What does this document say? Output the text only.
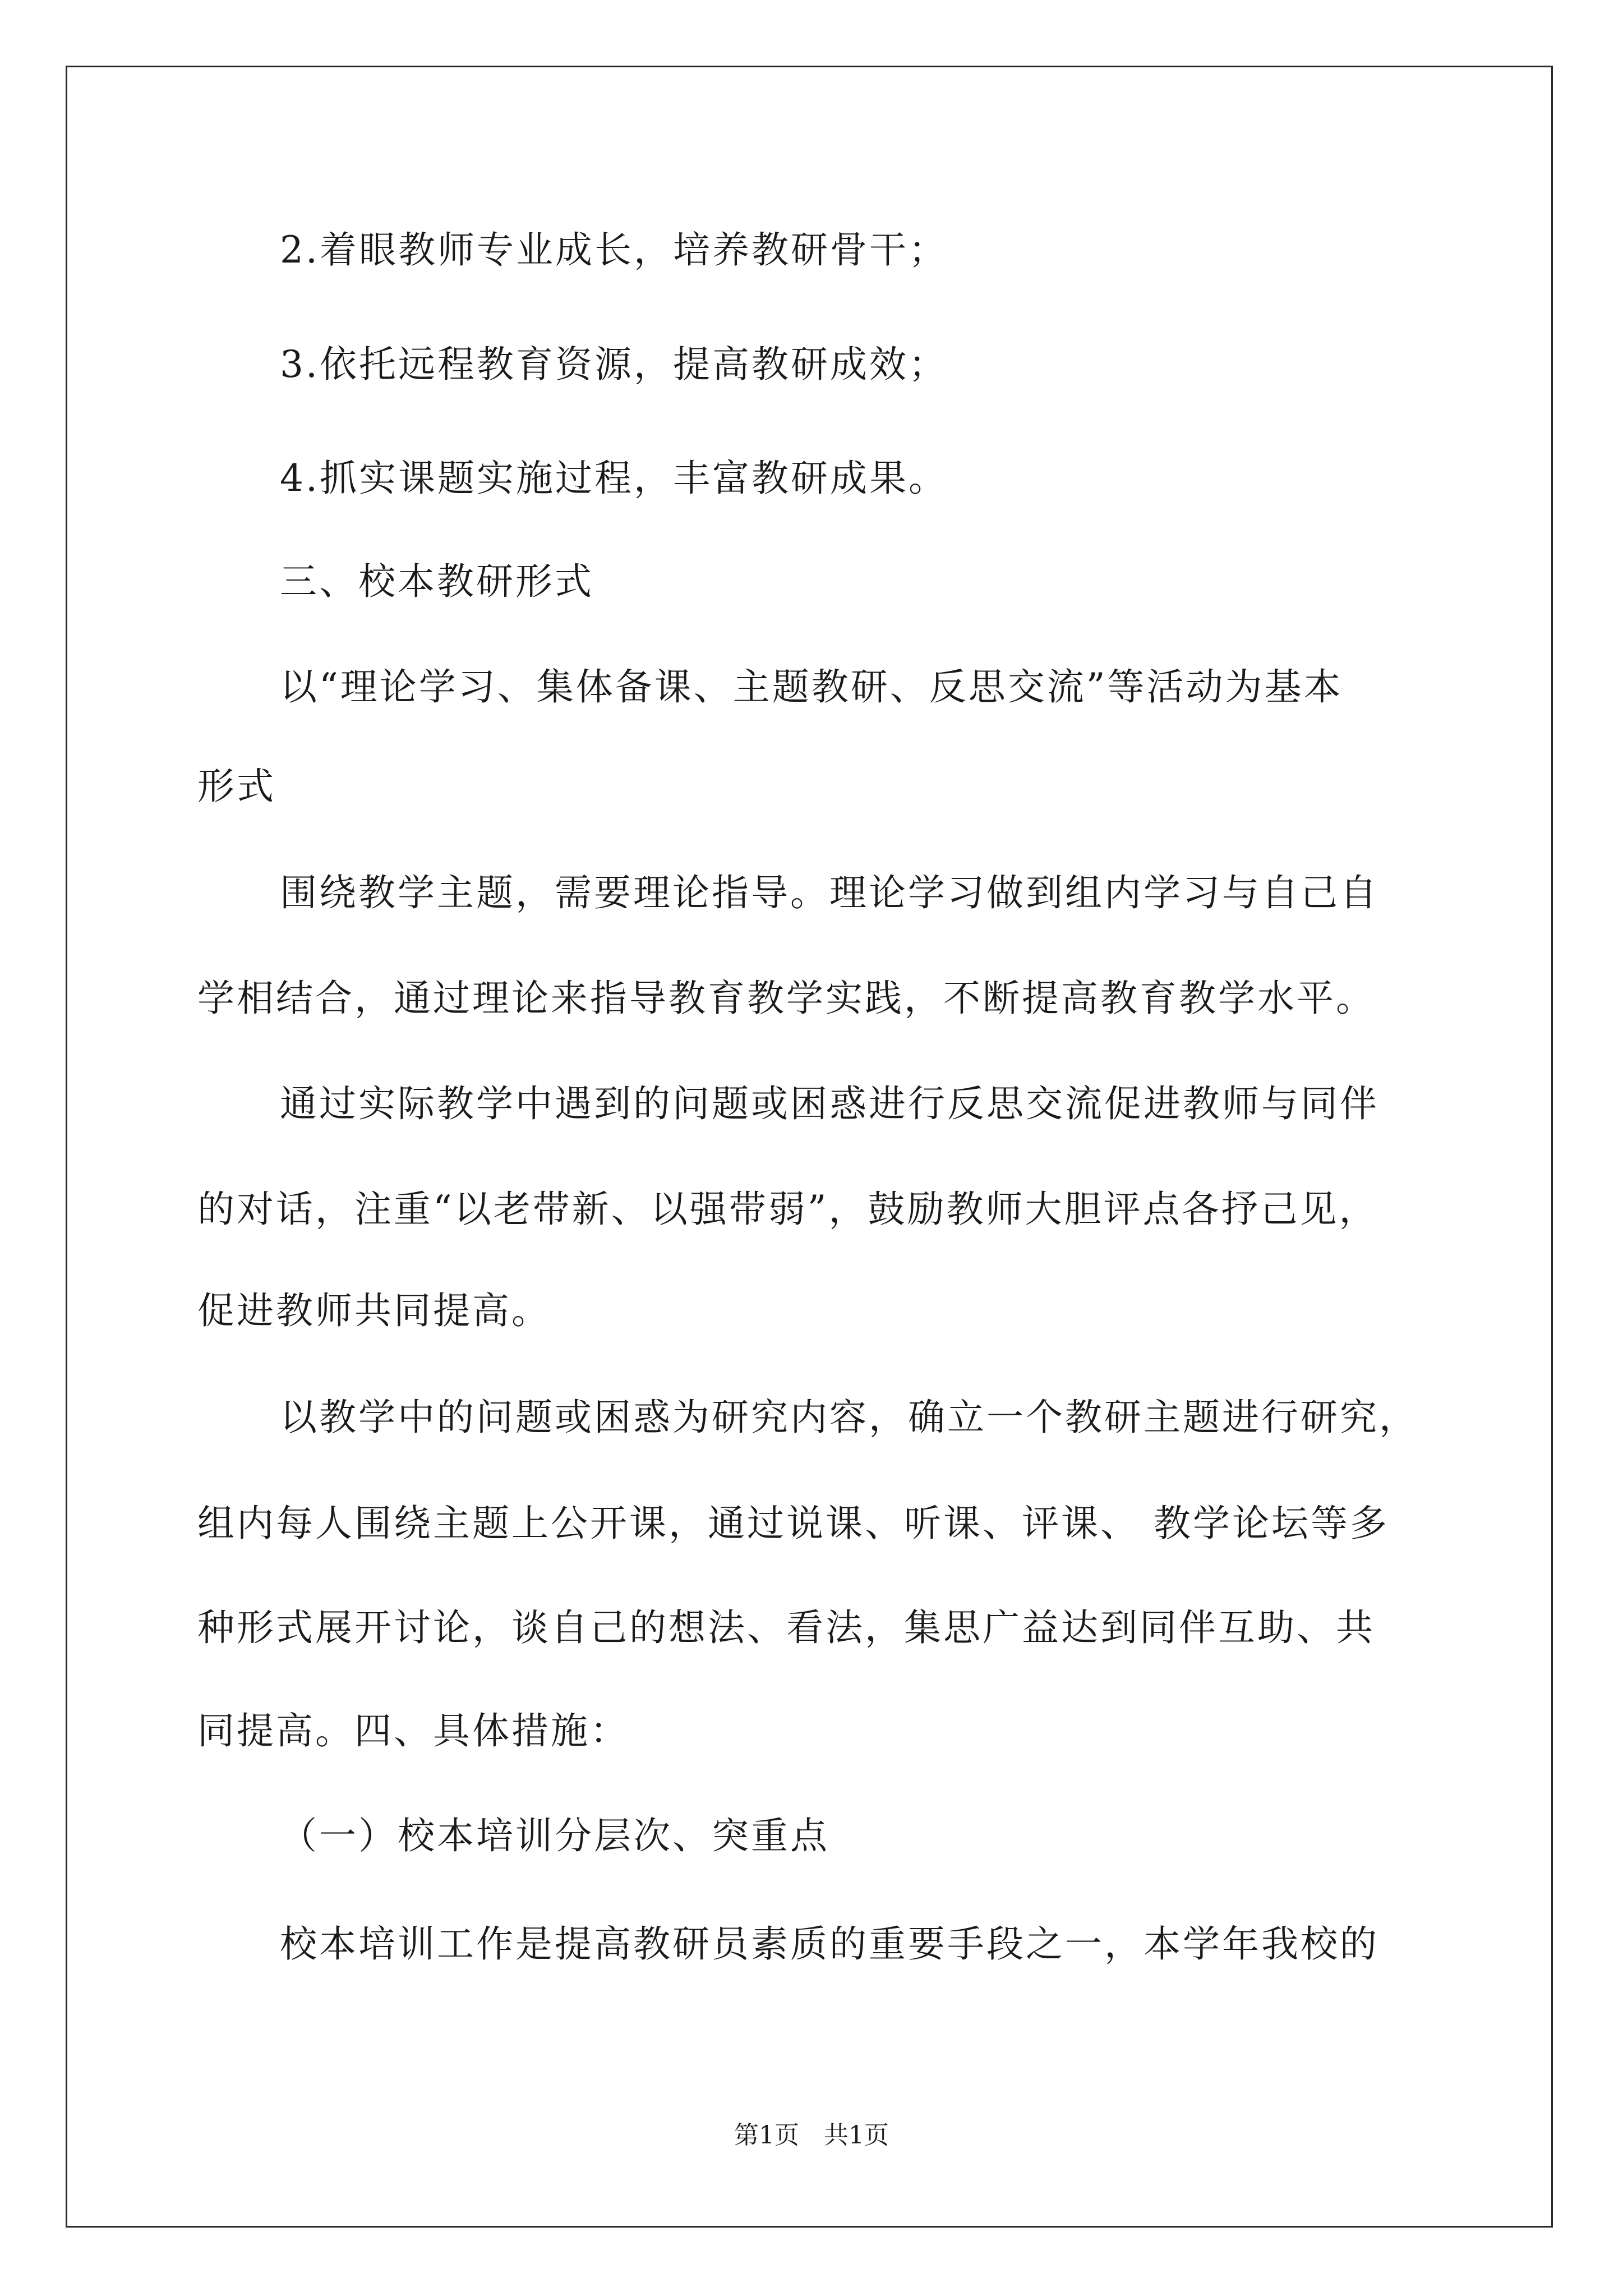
2.着眼教师专业成长，培养教研骨干；
3.依托远程教育资源，提高教研成效；
4.抓实课题实施过程，丰富教研成果。
三、校本教研形式
以“理论学习、集体备课、主题教研、反思交流”等活动为基本
形式
围绕教学主题，需要理论指导。理论学习做到组内学习与自己自
学相结合，通过理论来指导教育教学实践，不断提高教育教学水平。
通过实际教学中遇到的问题或困惑进行反思交流促进教师与同伴
的对话，注重“以老带新、以强带弱”，鼓励教师大胆评点各抒己见，
促进教师共同提高。
以教学中的问题或困惑为研究内容，确立一个教研主题进行研究，
组内每人围绕主题上公开课，通过说课、听课、评课、 教学论坛等多
种形式展开讨论，谈自己的想法、看法，集思广益达到同伴互助、共
同提高。四、具体措施：
（一）校本培训分层次、突重点
校本培训工作是提高教研员素质的重要手段之一，本学年我校的
第1页　共1页
